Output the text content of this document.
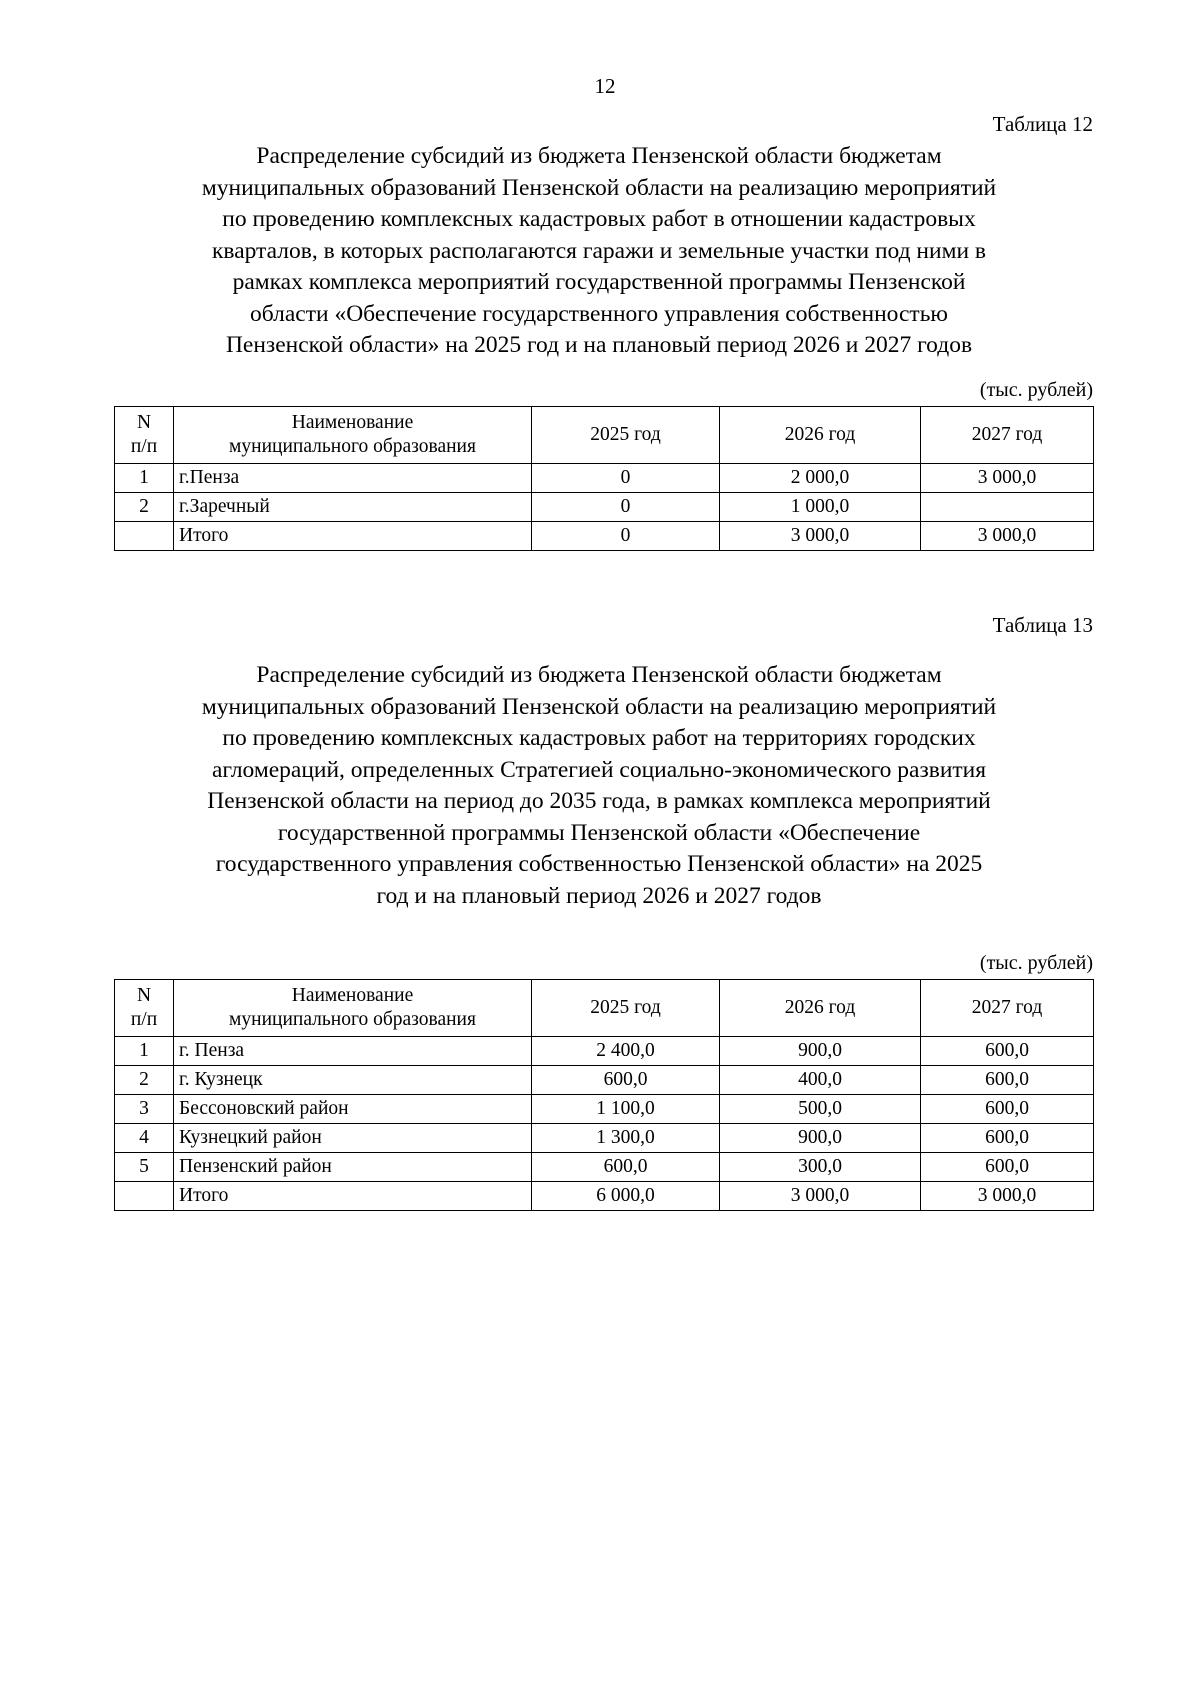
12
Таблица 12
Распределение субсидий из бюджета Пензенской области бюджетам
муниципальных образований Пензенской области на реализацию мероприятий
по проведению комплексных кадастровых работ в отношении кадастровых
кварталов, в которых располагаются гаражи и земельные участки под ними в
рамках комплекса мероприятий государственной программы Пензенской
области «Обеспечение государственного управления собственностью
Пензенской области» на 2025 год и на плановый период 2026 и 2027 годов
(тыс. рублей)
N
п/п	Наименование
муниципального образования	2025 год	2026 год	2027 год
1	г.Пенза	0	2 000,0	3 000,0
2	г.Заречный	0	1 000,0	
	Итого	0	3 000,0	3 000,0
Таблица 13
Распределение субсидий из бюджета Пензенской области бюджетам
муниципальных образований Пензенской области на реализацию мероприятий
по проведению комплексных кадастровых работ на территориях городских
агломераций, определенных Стратегией социально-экономического развития
Пензенской области на период до 2035 года, в рамках комплекса мероприятий
государственной программы Пензенской области «Обеспечение
государственного управления собственностью Пензенской области» на 2025
год и на плановый период 2026 и 2027 годов
(тыс. рублей)
N
п/п	Наименование
муниципального образования	2025 год	2026 год	2027 год
1	г. Пенза	2 400,0	900,0	600,0
2	г. Кузнецк	600,0	400,0	600,0
3	Бессоновский район	1 100,0	500,0	600,0
4	Кузнецкий район	1 300,0	900,0	600,0
5	Пензенский район	600,0	300,0	600,0
	Итого	6 000,0	3 000,0	3 000,0
